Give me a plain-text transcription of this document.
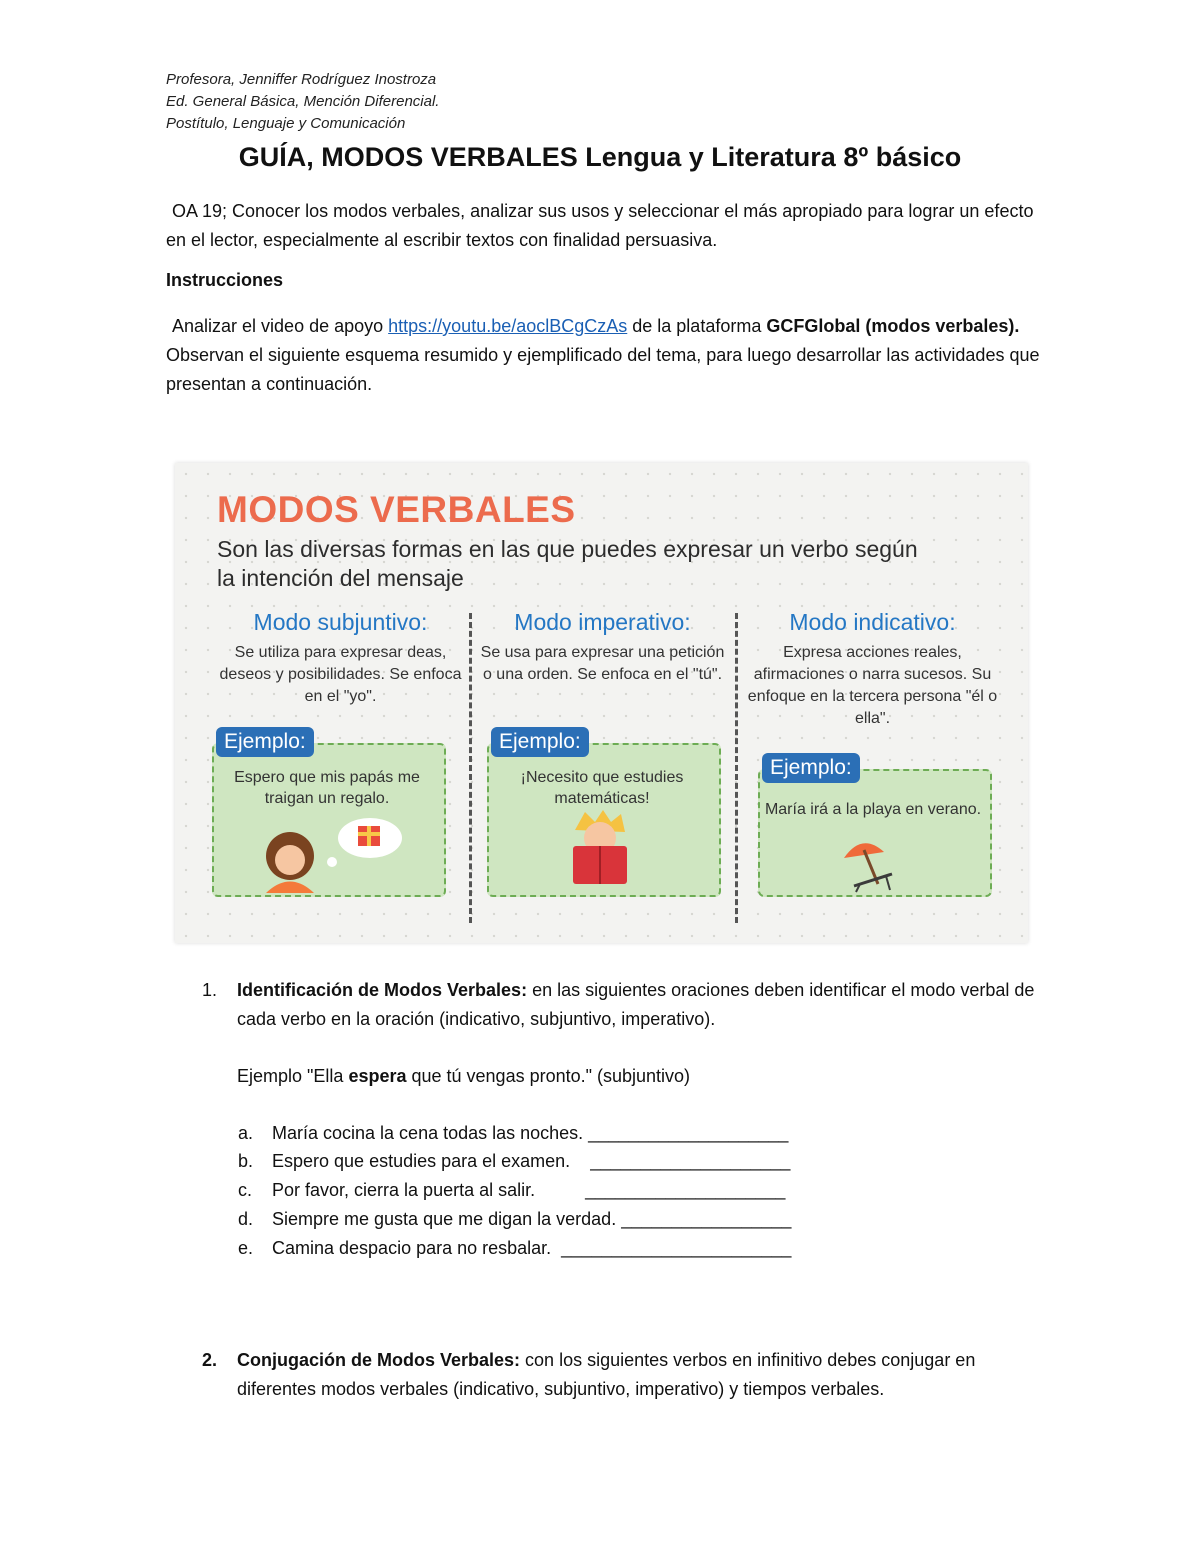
Profesora, Jenniffer Rodríguez Inostroza
Ed. General Básica, Mención Diferencial.
Postítulo, Lenguaje y Comunicación
GUÍA, MODOS VERBALES Lengua y Literatura 8º básico
OA 19; Conocer los modos verbales, analizar sus usos y seleccionar el más apropiado para lograr un efecto en el lector, especialmente al escribir textos con finalidad persuasiva.
Instrucciones
Analizar el video de apoyo https://youtu.be/aoclBCgCzAs de la plataforma GCFGlobal (modos verbales). Observan el siguiente esquema resumido y ejemplificado del tema, para luego desarrollar las actividades que presentan a continuación.
MODOS VERBALES
Son las diversas formas en las que puedes expresar un verbo según la intención del mensaje
Modo subjuntivo:
Se utiliza para expresar deas, deseos y posibilidades. Se enfoca en el "yo".
Ejemplo:
Espero que mis papás me traigan un regalo.
Modo imperativo:
Se usa para expresar una petición o una orden. Se enfoca en el "tú".
Ejemplo:
¡Necesito que estudies matemáticas!
Modo indicativo:
Expresa acciones reales, afirmaciones o narra sucesos. Su enfoque en la tercera persona "él o ella".
Ejemplo:
María irá a la playa en verano.
1. Identificación de Modos Verbales: en las siguientes oraciones deben identificar el modo verbal de cada verbo en la oración (indicativo, subjuntivo, imperativo).
Ejemplo "Ella espera que tú vengas pronto." (subjuntivo)
a. María cocina la cena todas las noches. ____________________
b. Espero que estudies para el examen.    ____________________
c. Por favor, cierra la puerta al salir.          ____________________
d. Siempre me gusta que me digan la verdad. _________________
e. Camina despacio para no resbalar.  _______________________
2. Conjugación de Modos Verbales: con los siguientes verbos en infinitivo debes conjugar en diferentes modos verbales (indicativo, subjuntivo, imperativo) y tiempos verbales.
